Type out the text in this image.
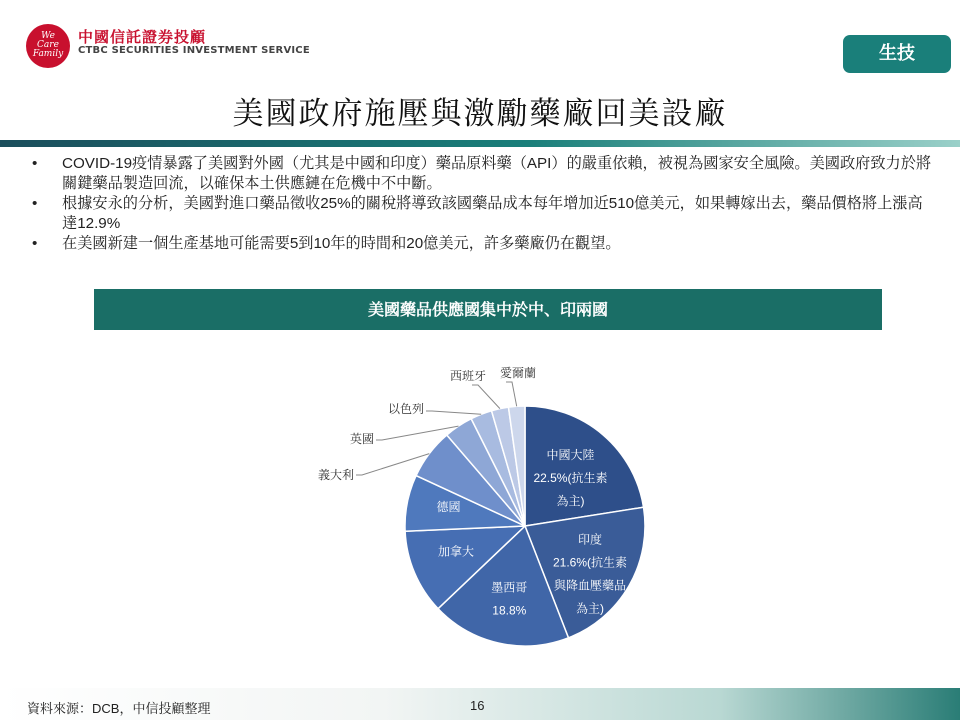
We Care Family
中國信託證券投顧
CTBC SECURITIES INVESTMENT SERVICE	生技
美國政府施壓與激勵藥廠回美設廠
• COVID-19疫情暴露了美國對外國（尤其是中國和印度）藥品原料藥（API）的嚴重依賴，被視為國家安全風險。美國政府致力於將關鍵藥品製造回流，以確保本土供應鏈在危機中不中斷。
• 根據安永的分析，美國對進口藥品徵收25%的關稅將導致該國藥品成本每年增加近510億美元，如果轉嫁出去，藥品價格將上漲高達12.9%
• 在美國新建一個生產基地可能需要5到10年的時間和20億美元，許多藥廠仍在觀望。
美國藥品供應國集中於中、印兩國
中國大陸 22.5%(抗生素為主)
印度 21.6%(抗生素與降血壓藥品為主)
墨西哥 18.8%
加拿大
德國
義大利
英國
以色列
西班牙 愛爾蘭
資料來源：DCB，中信投顧整理	16
